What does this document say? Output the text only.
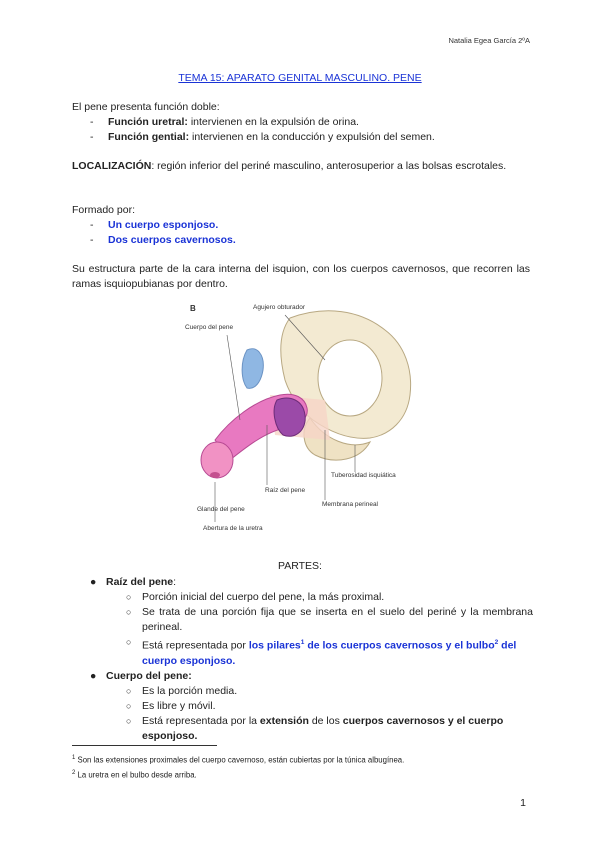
Natalia Egea García 2ºA
TEMA 15: APARATO GENITAL MASCULINO. PENE
El pene presenta función doble:
- Función uretral: intervienen en la expulsión de orina.
- Función gential: intervienen en la conducción y expulsión del semen.
LOCALIZACIÓN: región inferior del periné masculino, anterosuperior a las bolsas escrotales.
Formado por:
- Un cuerpo esponjoso.
- Dos cuerpos cavernosos.
Su estructura parte de la cara interna del isquion, con los cuerpos cavernosos, que recorren las ramas isquiopubianas por dentro.
B	Agujero obturador
Cuerpo del pene
Tuberosidad isquiática
Raíz del pene
Membrana perineal
Glande del pene
Abertura de la uretra
PARTES:
● Raíz del pene:
○ Porción inicial del cuerpo del pene, la más proximal.
○ Se trata de una porción fija que se inserta en el suelo del periné y la membrana perineal.
○ Está representada por los pilares$^1$ de los cuerpos cavernosos y el bulbo$^2$ del cuerpo esponjoso.
● Cuerpo del pene:
○ Es la porción media.
○ Es libre y móvil.
○ Está representada por la extensión de los cuerpos cavernosos y el cuerpo esponjoso.
$^1$ Son las extensiones proximales del cuerpo cavernoso, están cubiertas por la túnica albugínea.
$^2$ La uretra en el bulbo desde arriba.
1
